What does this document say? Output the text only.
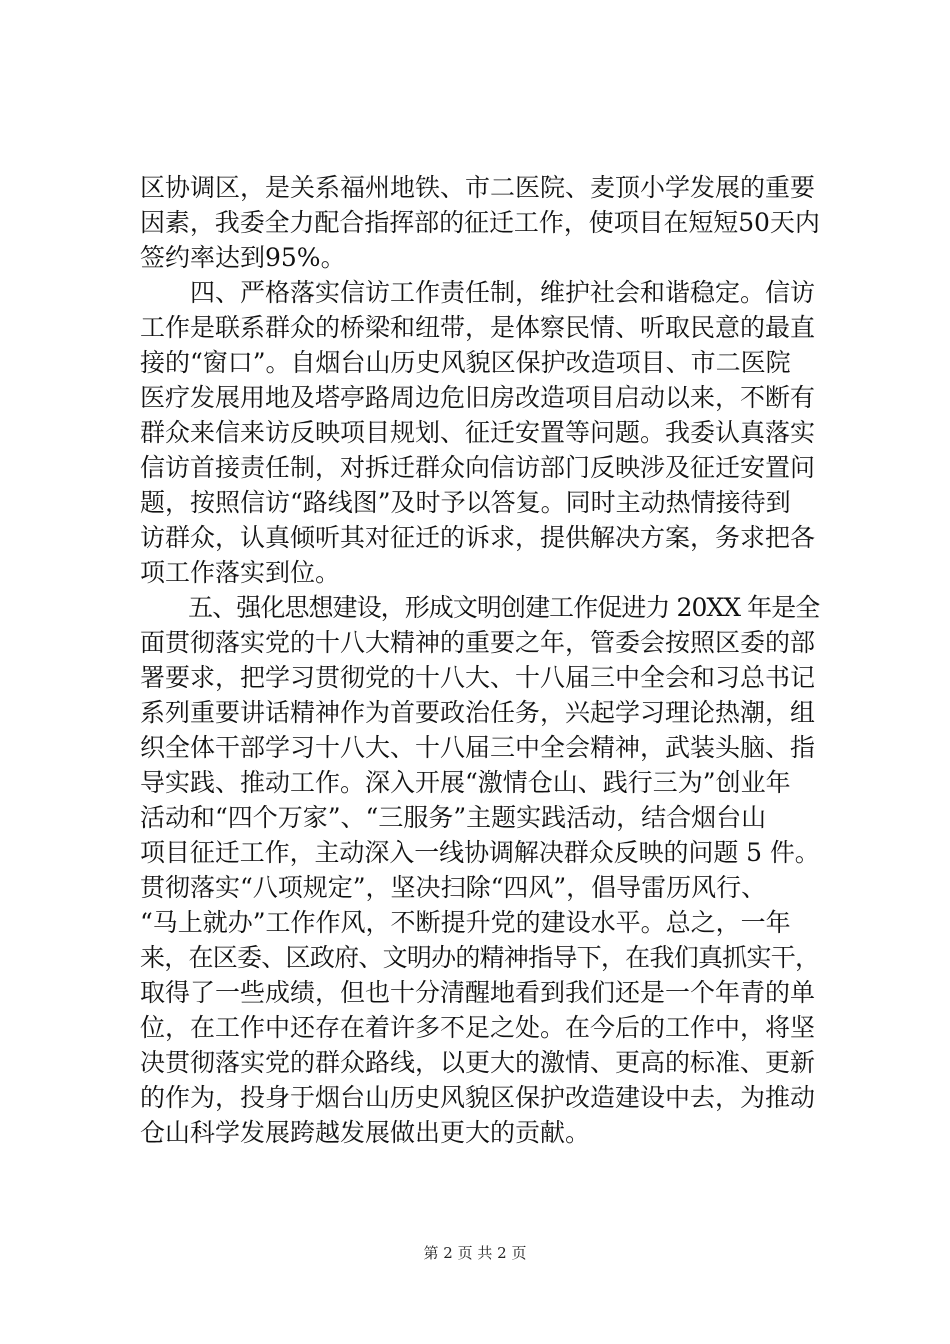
区协调区，是关系福州地铁、市二医院、麦顶小学发展的重要
因素，我委全力配合指挥部的征迁工作，使项目在短短50天内
签约率达到95%。
　　四、严格落实信访工作责任制，维护社会和谐稳定。信访
工作是联系群众的桥梁和纽带，是体察民情、听取民意的最直
接的“窗口”。自烟台山历史风貌区保护改造项目、市二医院
医疗发展用地及塔亭路周边危旧房改造项目启动以来，不断有
群众来信来访反映项目规划、征迁安置等问题。我委认真落实
信访首接责任制，对拆迁群众向信访部门反映涉及征迁安置问
题，按照信访“路线图”及时予以答复。同时主动热情接待到
访群众，认真倾听其对征迁的诉求，提供解决方案，务求把各
项工作落实到位。
　　五、强化思想建设，形成文明创建工作促进力 20XX 年是全
面贯彻落实党的十八大精神的重要之年，管委会按照区委的部
署要求，把学习贯彻党的十八大、十八届三中全会和习总书记
系列重要讲话精神作为首要政治任务，兴起学习理论热潮，组
织全体干部学习十八大、十八届三中全会精神，武装头脑、指
导实践、推动工作。深入开展“激情仓山、践行三为”创业年
活动和“四个万家”、“三服务”主题实践活动，结合烟台山
项目征迁工作，主动深入一线协调解决群众反映的问题 5 件。
贯彻落实“八项规定”，坚决扫除“四风”，倡导雷历风行、
“马上就办”工作作风，不断提升党的建设水平。总之，一年
来，在区委、区政府、文明办的精神指导下，在我们真抓实干，
取得了一些成绩，但也十分清醒地看到我们还是一个年青的单
位，在工作中还存在着许多不足之处。在今后的工作中，将坚
决贯彻落实党的群众路线，以更大的激情、更高的标准、更新
的作为，投身于烟台山历史风貌区保护改造建设中去，为推动
仓山科学发展跨越发展做出更大的贡献。
第 2 页 共 2 页
